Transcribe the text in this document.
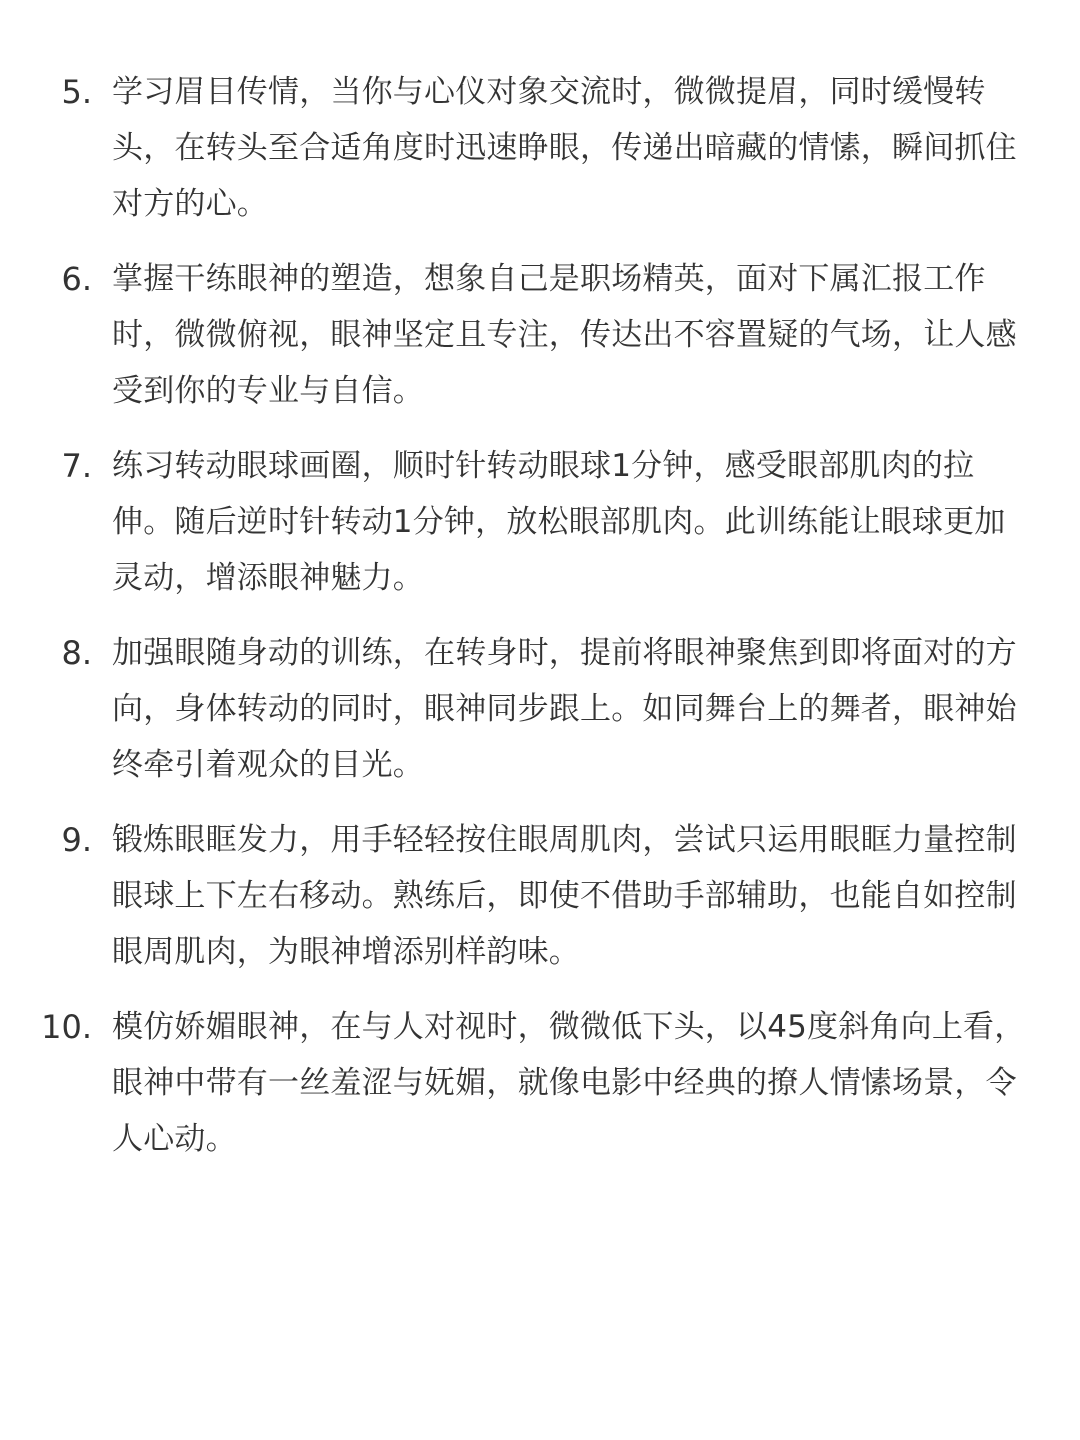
5. 学习眉目传情，当你与心仪对象交流时，微微提眉，同时缓慢转头，在转头至合适角度时迅速睁眼，传递出暗藏的情愫，瞬间抓住对方的心。
6. 掌握干练眼神的塑造，想象自己是职场精英，面对下属汇报工作时，微微俯视，眼神坚定且专注，传达出不容置疑的气场，让人感受到你的专业与自信。
7. 练习转动眼球画圈，顺时针转动眼球1分钟，感受眼部肌肉的拉伸。随后逆时针转动1分钟，放松眼部肌肉。此训练能让眼球更加灵动，增添眼神魅力。
8. 加强眼随身动的训练，在转身时，提前将眼神聚焦到即将面对的方向，身体转动的同时，眼神同步跟上。如同舞台上的舞者，眼神始终牵引着观众的目光。
9. 锻炼眼眶发力，用手轻轻按住眼周肌肉，尝试只运用眼眶力量控制眼球上下左右移动。熟练后，即使不借助手部辅助，也能自如控制眼周肌肉，为眼神增添别样韵味。
10. 模仿娇媚眼神，在与人对视时，微微低下头，以45度斜角向上看，眼神中带有一丝羞涩与妩媚，就像电影中经典的撩人情愫场景，令人心动。
